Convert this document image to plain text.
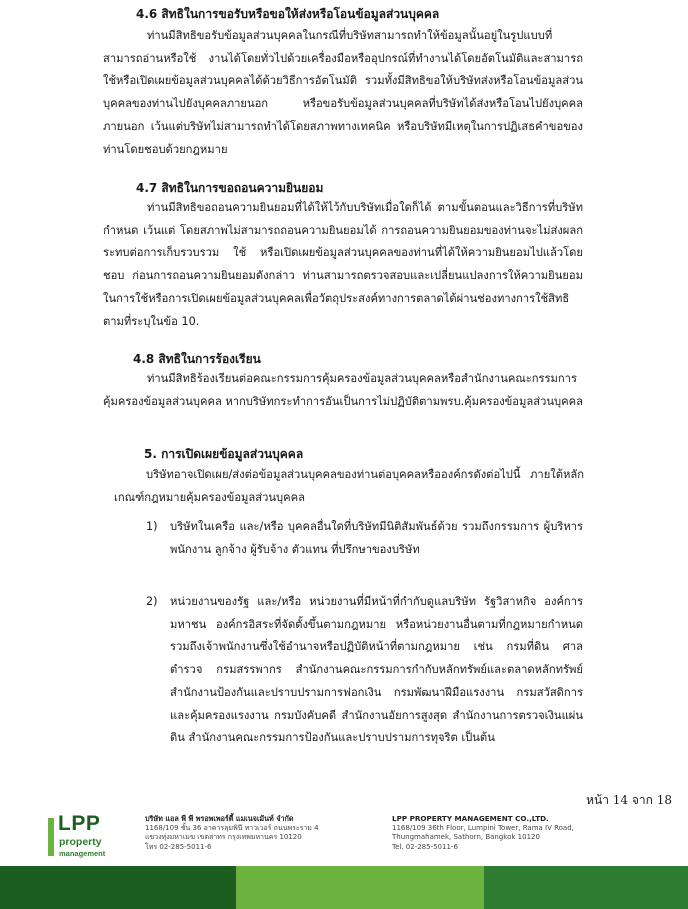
4.6 สิทธิในการขอรับหรือขอให้ส่งหรือโอนข้อมูลส่วนบุคคล
ท่านมีสิทธิขอรับข้อมูลส่วนบุคคลในกรณีที่บริษัทสามารถทำให้ข้อมูลนั้นอยู่ในรูปแบบที่สามารถอ่านหรือใช้ งานได้โดยทั่วไปด้วยเครื่องมือหรืออุปกรณ์ที่ทำงานได้โดยอัตโนมัติและสามารถใช้หรือเปิดเผยข้อมูลส่วนบุคคลได้ด้วยวิธีการอัตโนมัติ รวมทั้งมีสิทธิขอให้บริษัทส่งหรือโอนข้อมูลส่วนบุคคลของท่านไปยังบุคคลภายนอก หรือขอรับข้อมูลส่วนบุคคลที่บริษัทได้ส่งหรือโอนไปยังบุคคลภายนอก เว้นแต่บริษัทไม่สามารถทำได้โดยสภาพทางเทคนิค หรือบริษัทมีเหตุในการปฏิเสธคำขอของท่านโดยชอบด้วยกฎหมาย
4.7 สิทธิในการขอถอนความยินยอม
ท่านมีสิทธิขอถอนความยินยอมที่ได้ให้ไว้กับบริษัทเมื่อใดก็ได้ ตามขั้นตอนและวิธีการที่บริษัทกำหนด เว้นแต่ โดยสภาพไม่สามารถถอนความยินยอมได้ การถอนความยินยอมของท่านจะไม่ส่งผลกระทบต่อการเก็บรวบรวม ใช้ หรือเปิดเผยข้อมูลส่วนบุคคลของท่านที่ได้ให้ความยินยอมไปแล้วโดยชอบ ก่อนการถอนความยินยอมดังกล่าว ท่านสามารถตรวจสอบและเปลี่ยนแปลงการให้ความยินยอมในการใช้หรือการเปิดเผยข้อมูลส่วนบุคคลเพื่อวัตถุประสงค์ทางการตลาดได้ผ่านช่องทางการใช้สิทธิตามที่ระบุในข้อ 10.
4.8 สิทธิในการร้องเรียน
ท่านมีสิทธิร้องเรียนต่อคณะกรรมการคุ้มครองข้อมูลส่วนบุคคลหรือสำนักงานคณะกรรมการคุ้มครองข้อมูลส่วนบุคคล หากบริษัทกระทำการอันเป็นการไม่ปฏิบัติตามพรบ.คุ้มครองข้อมูลส่วนบุคคล
5. การเปิดเผยข้อมูลส่วนบุคคล
บริษัทอาจเปิดเผย/ส่งต่อข้อมูลส่วนบุคคลของท่านต่อบุคคลหรือองค์กรดังต่อไปนี้ ภายใต้หลักเกณฑ์กฎหมายคุ้มครองข้อมูลส่วนบุคคล
1) บริษัทในเครือ และ/หรือ บุคคลอื่นใดที่บริษัทมีนิติสัมพันธ์ด้วย รวมถึงกรรมการ ผู้บริหาร พนักงาน ลูกจ้าง ผู้รับจ้าง ตัวแทน ที่ปรึกษาของบริษัท
2) หน่วยงานของรัฐ และ/หรือ หน่วยงานที่มีหน้าที่กำกับดูแลบริษัท รัฐวิสาหกิจ องค์การมหาชน องค์กรอิสระที่จัดตั้งขึ้นตามกฎหมาย หรือหน่วยงานอื่นตามที่กฎหมายกำหนด รวมถึงเจ้าพนักงานซึ่งใช้อำนาจหรือปฏิบัติหน้าที่ตามกฎหมาย เช่น กรมที่ดิน ศาล ตำรวจ กรมสรรพากร สำนักงานคณะกรรมการกำกับหลักทรัพย์และตลาดหลักทรัพย์ สำนักงานป้องกันและปราบปรามการฟอกเงิน กรมพัฒนาฝีมือแรงงาน กรมสวัสดิการและคุ้มครองแรงงาน กรมบังคับคดี สำนักงานอัยการสูงสุด สำนักงานการตรวจเงินแผ่นดิน สำนักงานคณะกรรมการป้องกันและปราบปรามการทุจริต เป็นต้น
หน้า 14 จาก 18
LPP
property
management
บริษัท แอล พี พี พรอพเพอร์ตี้ แมเนจเม้นท์ จำกัด
1168/109 ชั้น 36 อาคารลุมพินี ทาวเวอร์ ถนนพระราม 4
แขวงทุ่งมหาเมฆ เขตสาทร กรุงเทพมหานคร 10120
โทร 02-285-5011-6
LPP PROPERTY MANAGEMENT CO.,LTD.
1168/109 36th Floor, Lumpini Tower, Rama IV Road,
Thungmahamek, Sathorn, Bangkok 10120
Tel. 02-285-5011-6
